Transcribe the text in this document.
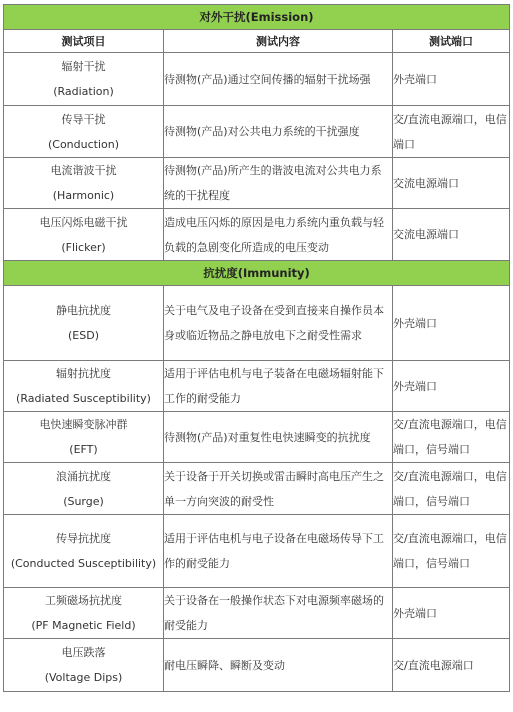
对外干扰(Emission)		
测试项目	测试内容	测试端口

辐射干扰
(Radiation)	待测物(产品)通过空间传播的辐射干扰场强	外壳端口

传导干扰
(Conduction)	待测物(产品)对公共电力系统的干扰强度	交/直流电源端口，电信端口

电流谐波干扰
(Harmonic)	待测物(产品)所产生的谐波电流对公共电力系统的干扰程度	交流电源端口

电压闪烁电磁干扰
(Flicker)	造成电压闪烁的原因是电力系统内重负载与轻负载的急剧变化所造成的电压变动	交流电源端口
抗扰度(Immunity)		

静电抗扰度
(ESD)	关于电气及电子设备在受到直接来自操作员本身或临近物品之静电放电下之耐受性需求	外壳端口

辐射抗扰度
(Radiated Susceptibility)	适用于评估电机与电子装备在电磁场辐射能下工作的耐受能力	外壳端口

电快速瞬变脉冲群
(EFT)	待测物(产品)对重复性电快速瞬变的抗扰度	交/直流电源端口，电信端口，信号端口

浪涌抗扰度
(Surge)	关于设备于开关切换或雷击瞬时高电压产生之单一方向突波的耐受性	交/直流电源端口，电信端口，信号端口

传导抗扰度
(Conducted Susceptibility)	适用于评估电机与电子设备在电磁场传导下工作的耐受能力	交/直流电源端口，电信端口，信号端口

工频磁场抗扰度
(PF Magnetic Field)	关于设备在一般操作状态下对电源频率磁场的耐受能力	外壳端口

电压跌落
(Voltage Dips)	耐电压瞬降、瞬断及变动	交/直流电源端口
